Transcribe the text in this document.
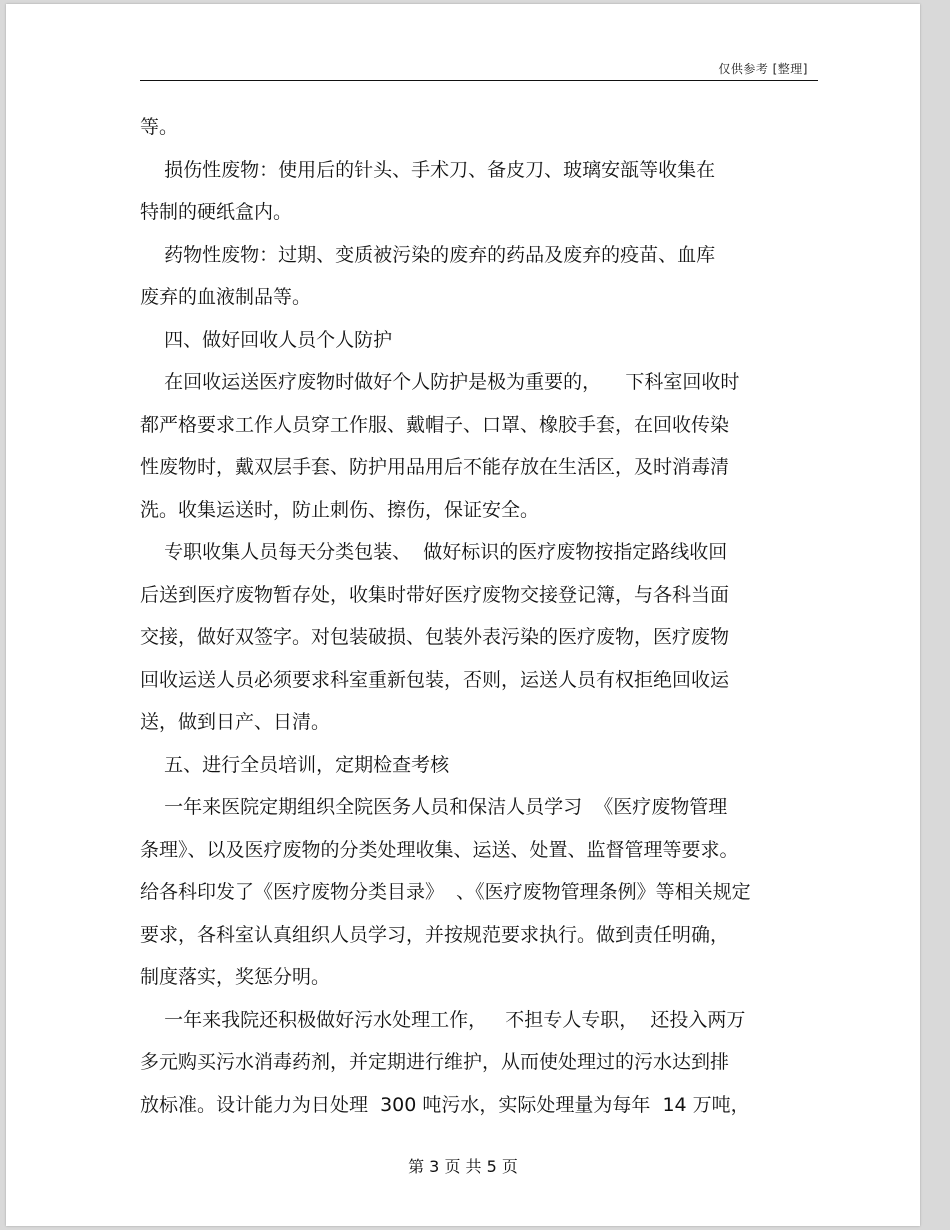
仅供参考 [整理]
等。
损伤性废物：使用后的针头、手术刀、备皮刀、玻璃安瓿等收集在
特制的硬纸盒内。
药物性废物：过期、变质被污染的废弃的药品及废弃的疫苗、血库
废弃的血液制品等。
四、做好回收人员个人防护
在回收运送医疗废物时做好个人防护是极为重要的，    下科室回收时
都严格要求工作人员穿工作服、戴帽子、口罩、橡胶手套，在回收传染
性废物时，戴双层手套、防护用品用后不能存放在生活区，及时消毒清
洗。收集运送时，防止刺伤、擦伤，保证安全。
专职收集人员每天分类包装、  做好标识的医疗废物按指定路线收回
后送到医疗废物暂存处，收集时带好医疗废物交接登记簿，与各科当面
交接，做好双签字。对包装破损、包装外表污染的医疗废物，医疗废物
回收运送人员必须要求科室重新包装，否则，运送人员有权拒绝回收运
送，做到日产、日清。
五、进行全员培训，定期检查考核
一年来医院定期组织全院医务人员和保洁人员学习  《医疗废物管理
条理》、以及医疗废物的分类处理收集、运送、处置、监督管理等要求。
给各科印发了《医疗废物分类目录》  、《医疗废物管理条例》等相关规定
要求，各科室认真组织人员学习，并按规范要求执行。做到责任明确，
制度落实，奖惩分明。
一年来我院还积极做好污水处理工作，   不担专人专职，  还投入两万
多元购买污水消毒药剂，并定期进行维护，从而使处理过的污水达到排
放标准。设计能力为日处理  300 吨污水，实际处理量为每年  14 万吨，
第 3 页 共 5 页
